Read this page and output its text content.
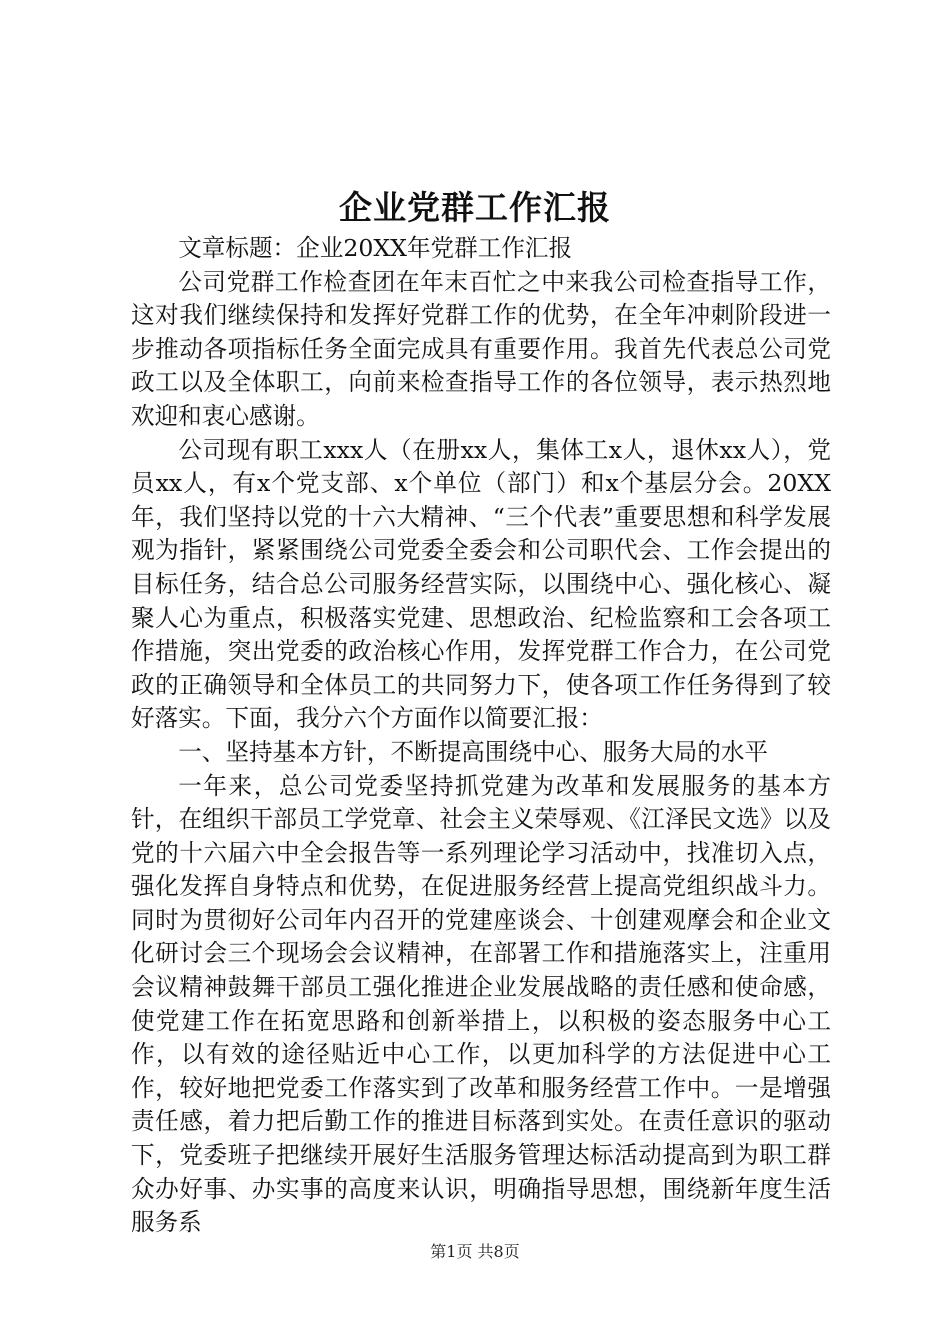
企业党群工作汇报

文章标题：企业20XX年党群工作汇报

公司党群工作检查团在年末百忙之中来我公司检查指导工作，这对我们继续保持和发挥好党群工作的优势，在全年冲刺阶段进一步推动各项指标任务全面完成具有重要作用。我首先代表总公司党政工以及全体职工，向前来检查指导工作的各位领导，表示热烈地欢迎和衷心感谢。

公司现有职工xxx人（在册xx人，集体工x人，退休xx人），党员xx人，有x个党支部、x个单位（部门）和x个基层分会。20XX年，我们坚持以党的十六大精神、“三个代表”重要思想和科学发展观为指针，紧紧围绕公司党委全委会和公司职代会、工作会提出的目标任务，结合总公司服务经营实际，以围绕中心、强化核心、凝聚人心为重点，积极落实党建、思想政治、纪检监察和工会各项工作措施，突出党委的政治核心作用，发挥党群工作合力，在公司党政的正确领导和全体员工的共同努力下，使各项工作任务得到了较好落实。下面，我分六个方面作以简要汇报：

一、坚持基本方针，不断提高围绕中心、服务大局的水平

一年来，总公司党委坚持抓党建为改革和发展服务的基本方针，在组织干部员工学党章、社会主义荣辱观、《江泽民文选》以及党的十六届六中全会报告等一系列理论学习活动中，找准切入点，强化发挥自身特点和优势，在促进服务经营上提高党组织战斗力。同时为贯彻好公司年内召开的党建座谈会、十创建观摩会和企业文化研讨会三个现场会会议精神，在部署工作和措施落实上，注重用会议精神鼓舞干部员工强化推进企业发展战略的责任感和使命感，使党建工作在拓宽思路和创新举措上，以积极的姿态服务中心工作，以有效的途径贴近中心工作，以更加科学的方法促进中心工作，较好地把党委工作落实到了改革和服务经营工作中。一是增强责任感，着力把后勤工作的推进目标落到实处。在责任意识的驱动下，党委班子把继续开展好生活服务管理达标活动提高到为职工群众办好事、办实事的高度来认识，明确指导思想，围绕新年度生活服务系

第1页 共8页
